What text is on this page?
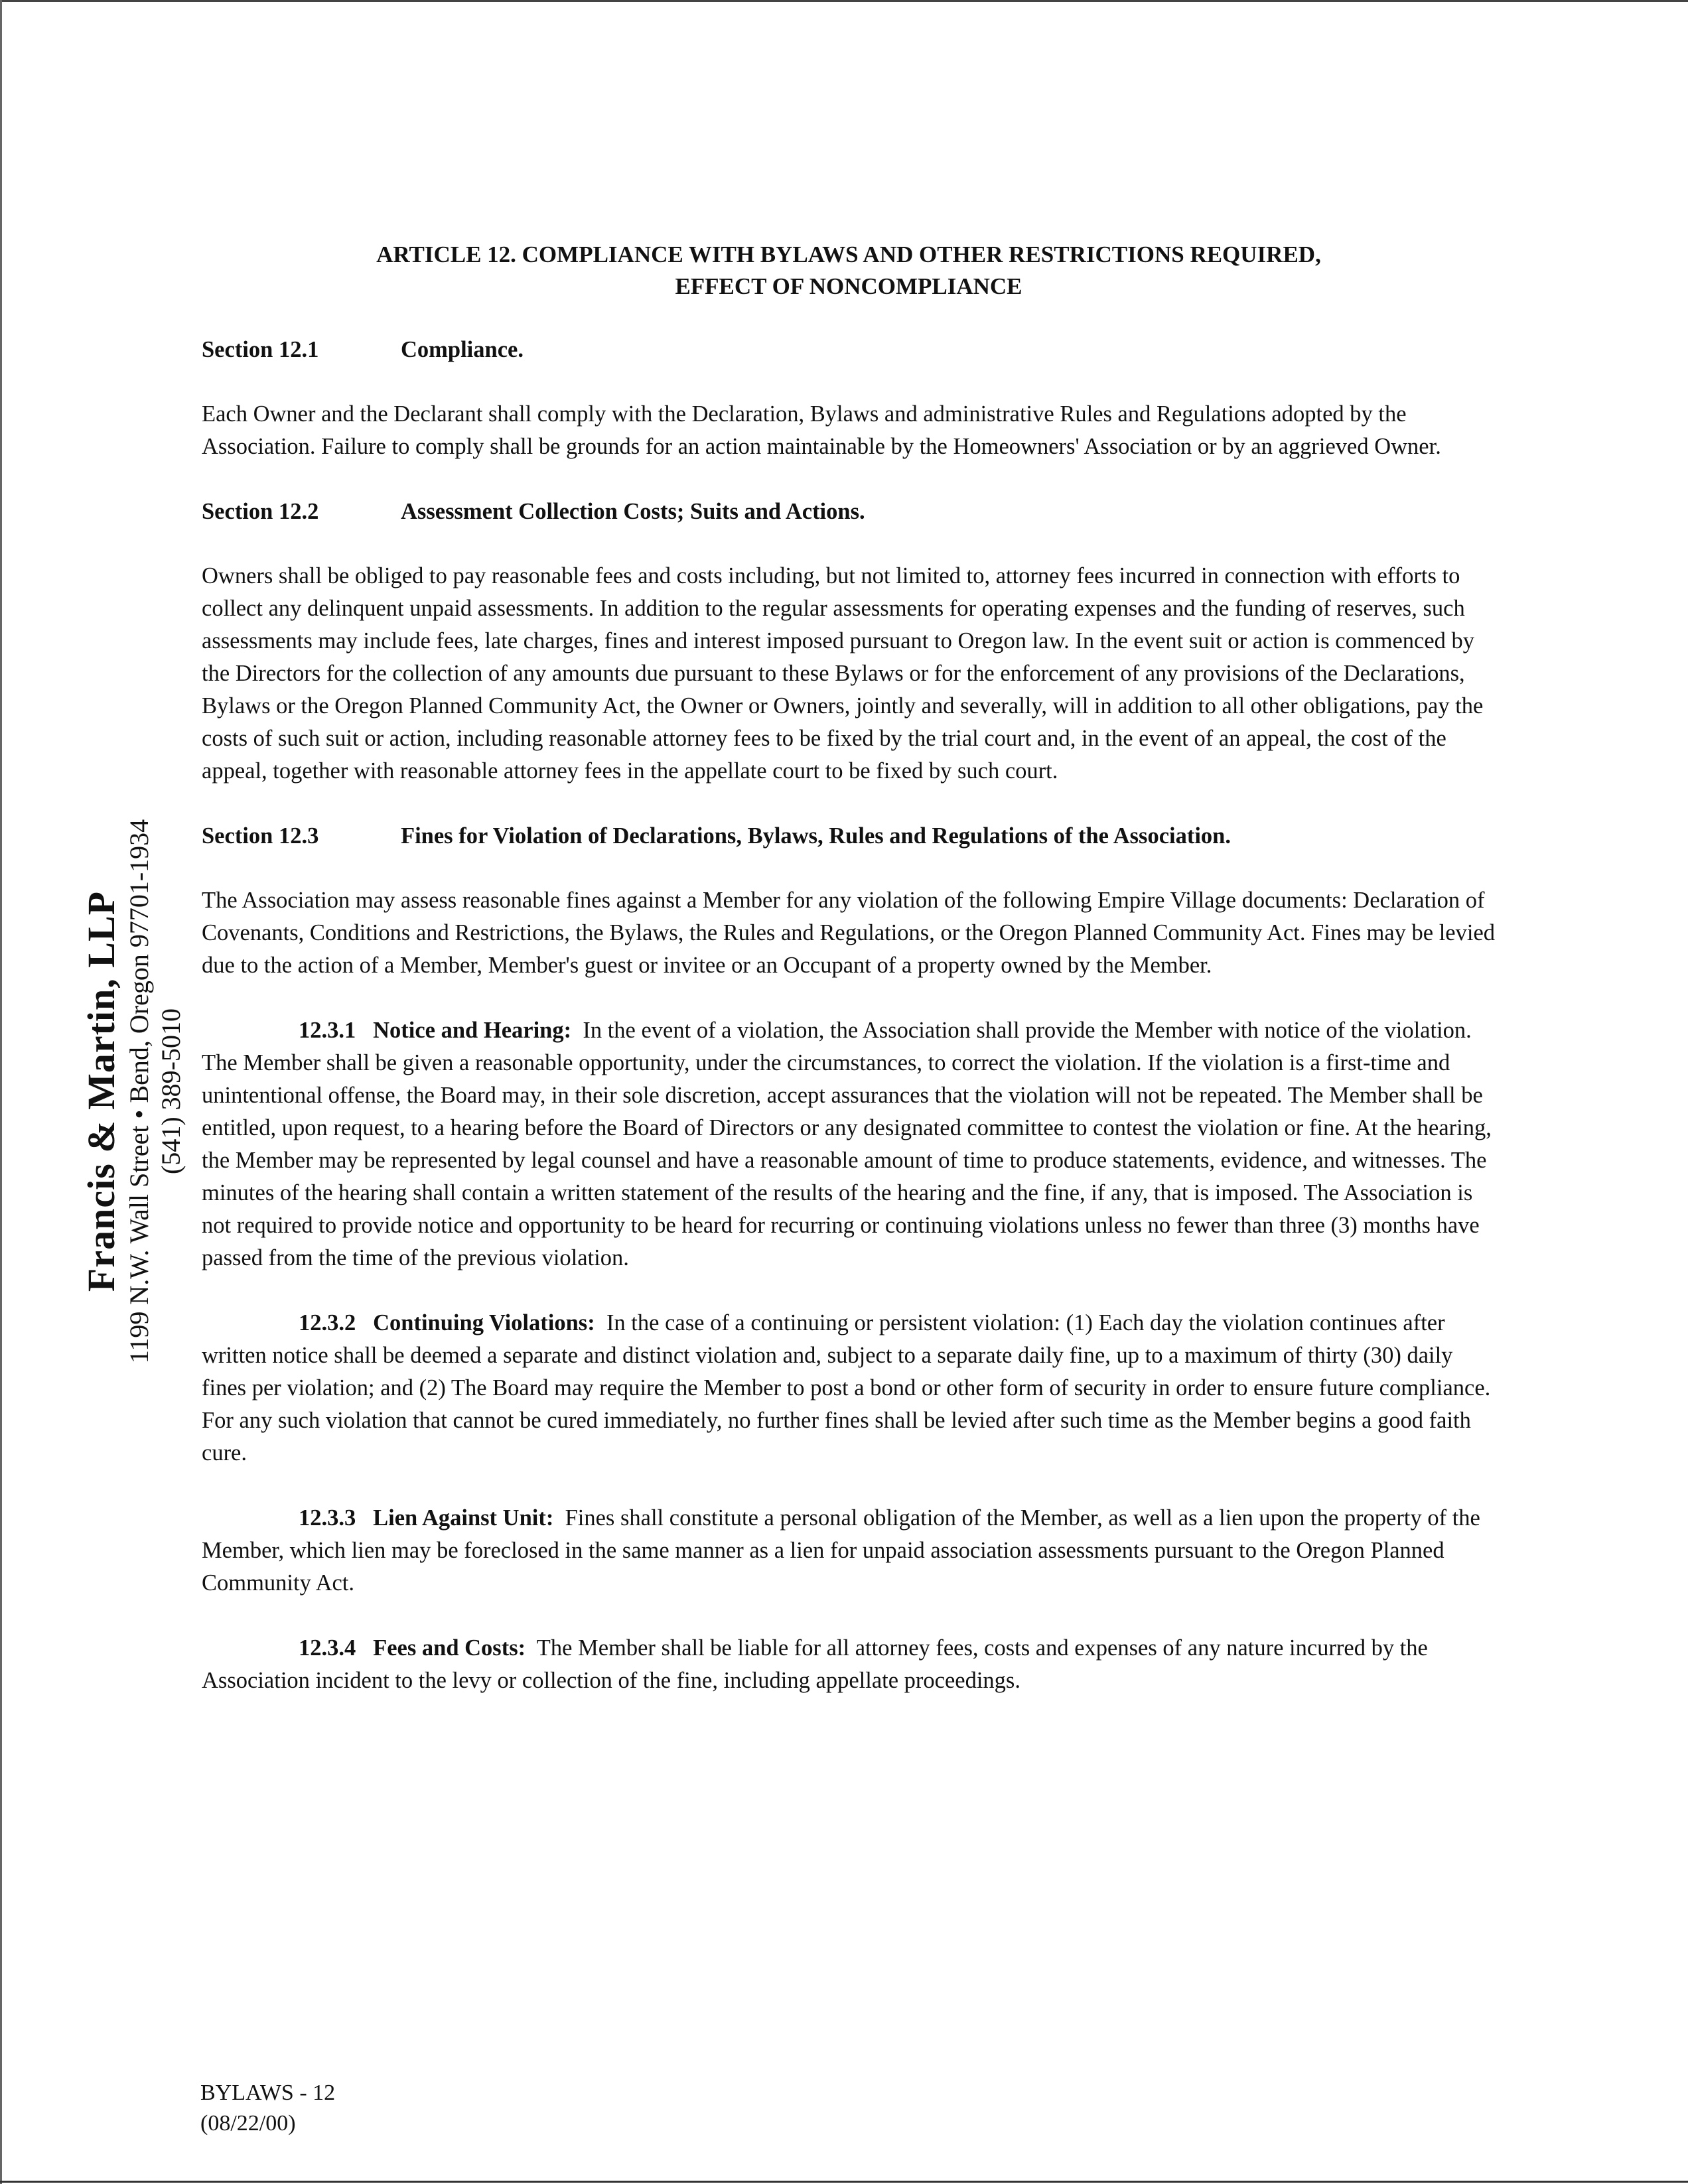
Francis & Martin, LLP 1199 N.W. Wall Street • Bend, Oregon 97701-1934 (541) 389-5010
ARTICLE 12. COMPLIANCE WITH BYLAWS AND OTHER RESTRICTIONS REQUIRED,
EFFECT OF NONCOMPLIANCE
Section 12.1	Compliance.

Each Owner and the Declarant shall comply with the Declaration, Bylaws and administrative Rules and Regulations adopted by the Association. Failure to comply shall be grounds for an action maintainable by the Homeowners' Association or by an aggrieved Owner.

Section 12.2	Assessment Collection Costs; Suits and Actions.

Owners shall be obliged to pay reasonable fees and costs including, but not limited to, attorney fees incurred in connection with efforts to collect any delinquent unpaid assessments. In addition to the regular assessments for operating expenses and the funding of reserves, such assessments may include fees, late charges, fines and interest imposed pursuant to Oregon law. In the event suit or action is commenced by the Directors for the collection of any amounts due pursuant to these Bylaws or for the enforcement of any provisions of the Declarations, Bylaws or the Oregon Planned Community Act, the Owner or Owners, jointly and severally, will in addition to all other obligations, pay the costs of such suit or action, including reasonable attorney fees to be fixed by the trial court and, in the event of an appeal, the cost of the appeal, together with reasonable attorney fees in the appellate court to be fixed by such court.

Section 12.3	Fines for Violation of Declarations, Bylaws, Rules and Regulations of the Association.

The Association may assess reasonable fines against a Member for any violation of the following Empire Village documents: Declaration of Covenants, Conditions and Restrictions, the Bylaws, the Rules and Regulations, or the Oregon Planned Community Act. Fines may be levied due to the action of a Member, Member's guest or invitee or an Occupant of a property owned by the Member.

12.3.1 Notice and Hearing: In the event of a violation, the Association shall provide the Member with notice of the violation. The Member shall be given a reasonable opportunity, under the circumstances, to correct the violation. If the violation is a first-time and unintentional offense, the Board may, in their sole discretion, accept assurances that the violation will not be repeated. The Member shall be entitled, upon request, to a hearing before the Board of Directors or any designated committee to contest the violation or fine. At the hearing, the Member may be represented by legal counsel and have a reasonable amount of time to produce statements, evidence, and witnesses. The minutes of the hearing shall contain a written statement of the results of the hearing and the fine, if any, that is imposed. The Association is not required to provide notice and opportunity to be heard for recurring or continuing violations unless no fewer than three (3) months have passed from the time of the previous violation.

12.3.2 Continuing Violations: In the case of a continuing or persistent violation: (1) Each day the violation continues after written notice shall be deemed a separate and distinct violation and, subject to a separate daily fine, up to a maximum of thirty (30) daily fines per violation; and (2) The Board may require the Member to post a bond or other form of security in order to ensure future compliance. For any such violation that cannot be cured immediately, no further fines shall be levied after such time as the Member begins a good faith cure.

12.3.3 Lien Against Unit: Fines shall constitute a personal obligation of the Member, as well as a lien upon the property of the Member, which lien may be foreclosed in the same manner as a lien for unpaid association assessments pursuant to the Oregon Planned Community Act.

12.3.4 Fees and Costs: The Member shall be liable for all attorney fees, costs and expenses of any nature incurred by the Association incident to the levy or collection of the fine, including appellate proceedings.

BYLAWS - 12
(08/22/00)
